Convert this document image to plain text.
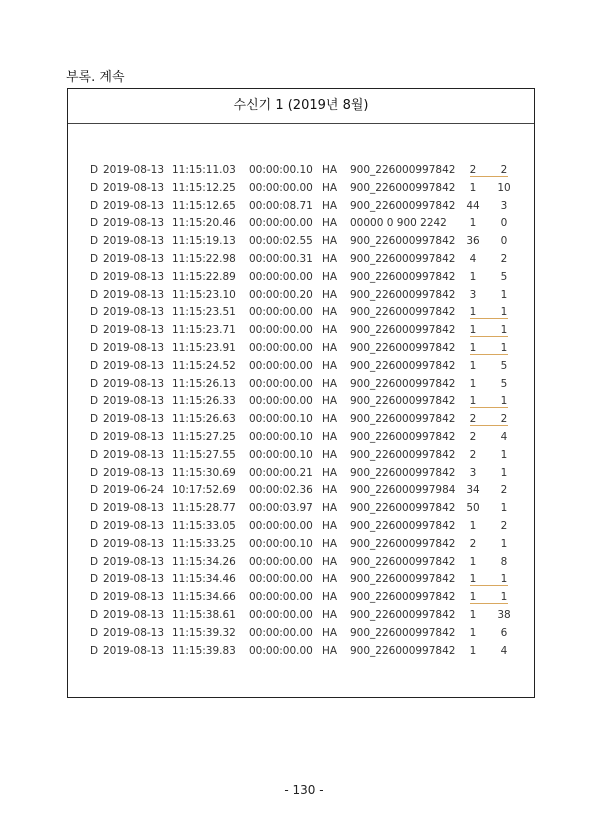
부록. 계속
수신기 1 (2019년 8월)
D 2019-08-13 11:15:11.03 00:00:00.10 HA 900_226000997842	2	2
D 2019-08-13 11:15:12.25 00:00:00.00 HA 900_226000997842	1	10
D 2019-08-13 11:15:12.65 00:00:08.71 HA 900_226000997842	44	3
D 2019-08-13 11:15:20.46 00:00:00.00 HA 00000 0 900 2242	1	0
D 2019-08-13 11:15:19.13 00:00:02.55 HA 900_226000997842	36	0
D 2019-08-13 11:15:22.98 00:00:00.31 HA 900_226000997842	4	2
D 2019-08-13 11:15:22.89 00:00:00.00 HA 900_226000997842	1	5
D 2019-08-13 11:15:23.10 00:00:00.20 HA 900_226000997842	3	1
D 2019-08-13 11:15:23.51 00:00:00.00 HA 900_226000997842	1	1
D 2019-08-13 11:15:23.71 00:00:00.00 HA 900_226000997842	1	1
D 2019-08-13 11:15:23.91 00:00:00.00 HA 900_226000997842	1	1
D 2019-08-13 11:15:24.52 00:00:00.00 HA 900_226000997842	1	5
D 2019-08-13 11:15:26.13 00:00:00.00 HA 900_226000997842	1	5
D 2019-08-13 11:15:26.33 00:00:00.00 HA 900_226000997842	1	1
D 2019-08-13 11:15:26.63 00:00:00.10 HA 900_226000997842	2	2
D 2019-08-13 11:15:27.25 00:00:00.10 HA 900_226000997842	2	4
D 2019-08-13 11:15:27.55 00:00:00.10 HA 900_226000997842	2	1
D 2019-08-13 11:15:30.69 00:00:00.21 HA 900_226000997842	3	1
D 2019-06-24 10:17:52.69 00:00:02.36 HA 900_226000997984	34	2
D 2019-08-13 11:15:28.77 00:00:03.97 HA 900_226000997842	50	1
D 2019-08-13 11:15:33.05 00:00:00.00 HA 900_226000997842	1	2
D 2019-08-13 11:15:33.25 00:00:00.10 HA 900_226000997842	2	1
D 2019-08-13 11:15:34.26 00:00:00.00 HA 900_226000997842	1	8
D 2019-08-13 11:15:34.46 00:00:00.00 HA 900_226000997842	1	1
D 2019-08-13 11:15:34.66 00:00:00.00 HA 900_226000997842	1	1
D 2019-08-13 11:15:38.61 00:00:00.00 HA 900_226000997842	1	38
D 2019-08-13 11:15:39.32 00:00:00.00 HA 900_226000997842	1	6
D 2019-08-13 11:15:39.83 00:00:00.00 HA 900_226000997842	1	4
- 130 -
